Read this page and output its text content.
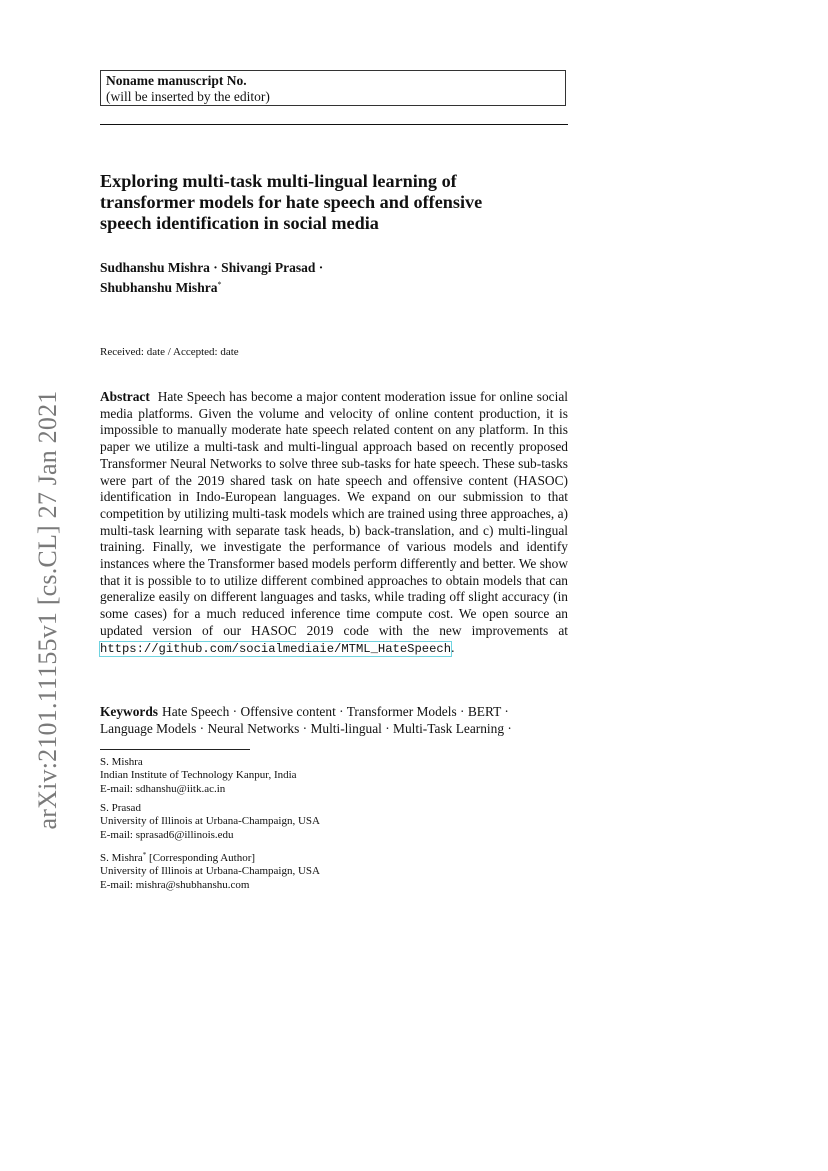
Noname manuscript No.
(will be inserted by the editor)
Exploring multi-task multi-lingual learning of
transformer models for hate speech and offensive
speech identification in social media
Sudhanshu Mishra · Shivangi Prasad ·
Shubhanshu Mishra*
Received: date / Accepted: date
Abstract Hate Speech has become a major content moderation issue for online social media platforms. Given the volume and velocity of online content production, it is impossible to manually moderate hate speech related content on any platform. In this paper we utilize a multi-task and multi-lingual approach based on recently proposed Transformer Neural Networks to solve three sub-tasks for hate speech. These sub-tasks were part of the 2019 shared task on hate speech and offensive content (HASOC) identification in Indo-European languages. We expand on our submission to that competition by utilizing multi-task models which are trained using three approaches, a) multi-task learning with separate task heads, b) back-translation, and c) multi-lingual training. Finally, we investigate the performance of various models and identify instances where the Transformer based models perform differently and better. We show that it is possible to to utilize different combined approaches to obtain models that can generalize easily on different languages and tasks, while trading off slight accuracy (in some cases) for a much reduced inference time compute cost. We open source an updated version of our HASOC 2019 code with the new improvements at https://github.com/socialmediaie/MTML_HateSpeech.
Keywords Hate Speech · Offensive content · Transformer Models · BERT ·
Language Models · Neural Networks · Multi-lingual · Multi-Task Learning ·
S. Mishra
Indian Institute of Technology Kanpur, India
E-mail: sdhanshu@iitk.ac.in
S. Prasad
University of Illinois at Urbana-Champaign, USA
E-mail: sprasad6@illinois.edu
S. Mishra* [Corresponding Author]
University of Illinois at Urbana-Champaign, USA
E-mail: mishra@shubhanshu.com
arXiv:2101.11155v1 [cs.CL] 27 Jan 2021
